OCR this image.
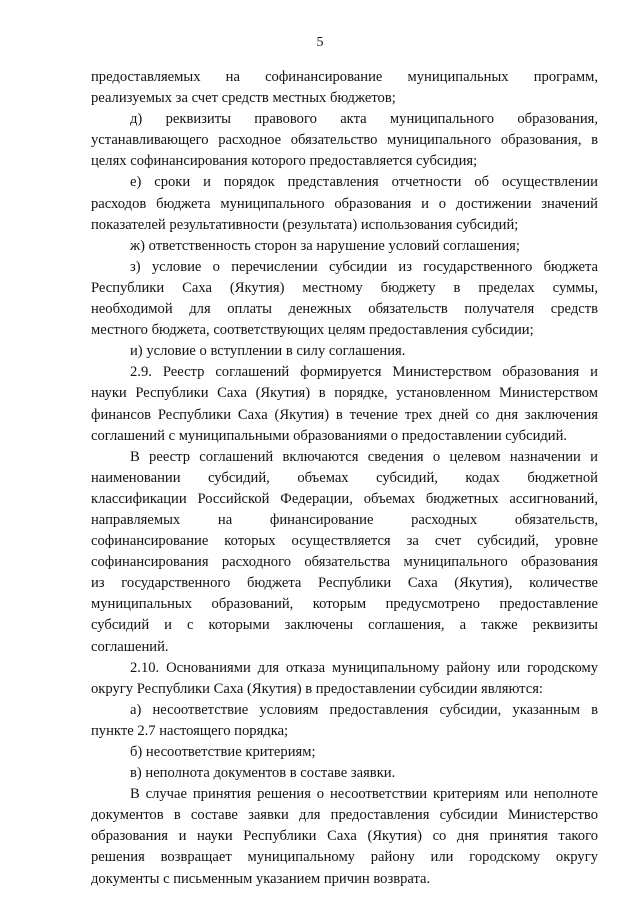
5
предоставляемых на софинансирование муниципальных программ,
реализуемых за счет средств местных бюджетов;
д) реквизиты правового акта муниципального образования,
устанавливающего расходное обязательство муниципального образования, в
целях софинансирования которого предоставляется субсидия;
е) сроки и порядок представления отчетности об осуществлении
расходов бюджета муниципального образования и о достижении значений
показателей результативности (результата) использования субсидий;
ж) ответственность сторон за нарушение условий соглашения;
з) условие о перечислении субсидии из государственного бюджета
Республики Саха (Якутия) местному бюджету в пределах суммы,
необходимой для оплаты денежных обязательств получателя средств
местного бюджета, соответствующих целям предоставления субсидии;
и) условие о вступлении в силу соглашения.
2.9. Реестр соглашений формируется Министерством образования и
науки Республики Саха (Якутия) в порядке, установленном Министерством
финансов Республики Саха (Якутия) в течение трех дней со дня заключения
соглашений с муниципальными образованиями о предоставлении субсидий.
В реестр соглашений включаются сведения о целевом назначении и
наименовании субсидий, объемах субсидий, кодах бюджетной
классификации Российской Федерации, объемах бюджетных ассигнований,
направляемых на финансирование расходных обязательств,
софинансирование которых осуществляется за счет субсидий, уровне
софинансирования расходного обязательства муниципального образования
из государственного бюджета Республики Саха (Якутия), количестве
муниципальных образований, которым предусмотрено предоставление
субсидий и с которыми заключены соглашения, а также реквизиты
соглашений.
2.10. Основаниями для отказа муниципальному району или городскому
округу Республики Саха (Якутия) в предоставлении субсидии являются:
а) несоответствие условиям предоставления субсидии, указанным в
пункте 2.7 настоящего порядка;
б) несоответствие критериям;
в) неполнота документов в составе заявки.
В случае принятия решения о несоответствии критериям или неполноте
документов в составе заявки для предоставления субсидии Министерство
образования и науки Республики Саха (Якутия) со дня принятия такого
решения возвращает муниципальному району или городскому округу
документы с письменным указанием причин возврата.
